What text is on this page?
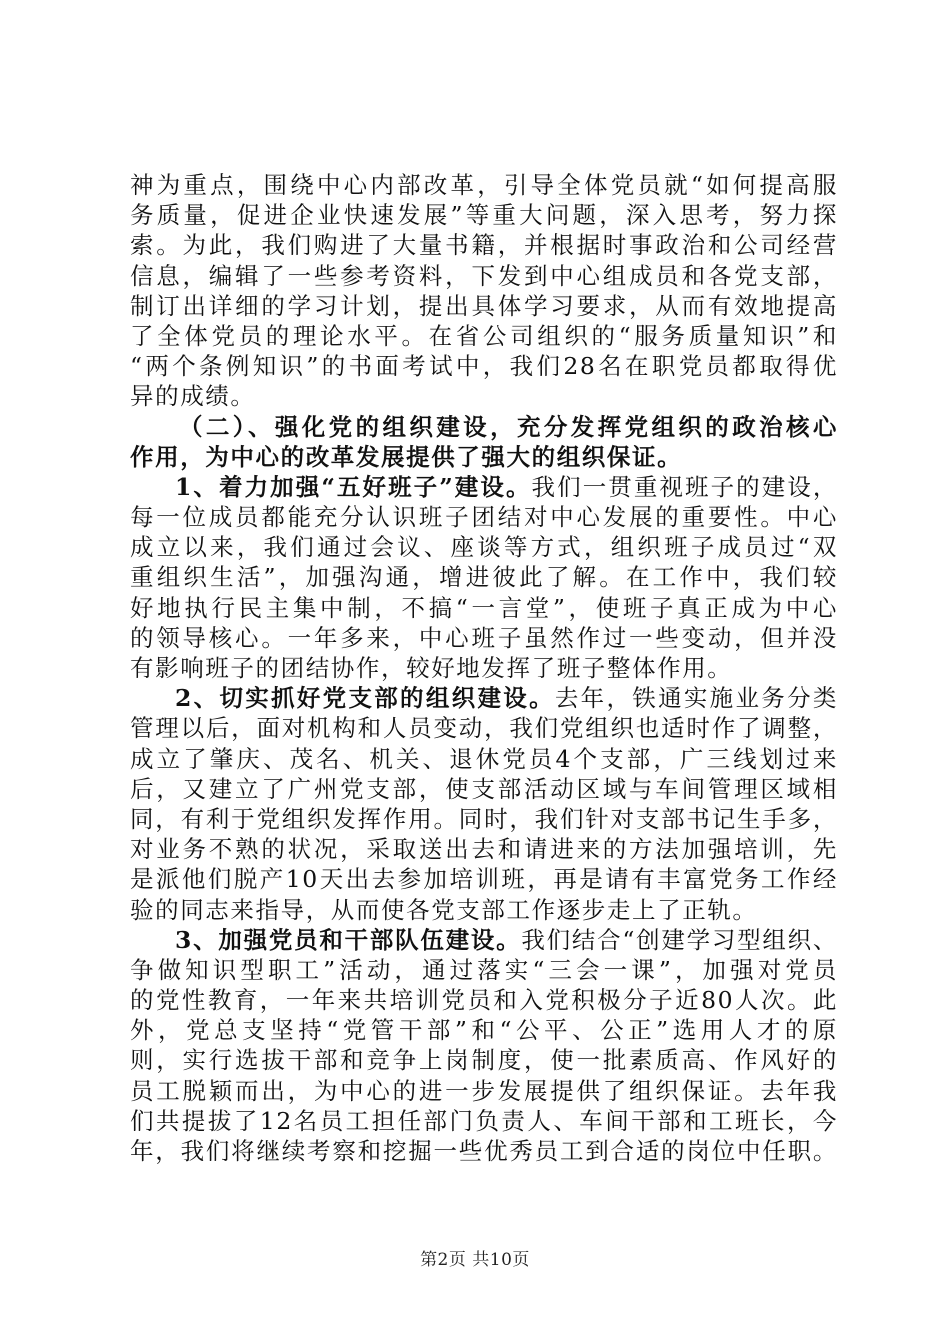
神为重点，围绕中心内部改革，引导全体党员就“如何提高服
务质量，促进企业快速发展”等重大问题，深入思考，努力探
索。为此，我们购进了大量书籍，并根据时事政治和公司经营
信息，编辑了一些参考资料，下发到中心组成员和各党支部，
制订出详细的学习计划，提出具体学习要求，从而有效地提高
了全体党员的理论水平。在省公司组织的“服务质量知识”和
“两个条例知识”的书面考试中，我们28名在职党员都取得优
异的成绩。
（二）、强化党的组织建设，充分发挥党组织的政治核心
作用，为中心的改革发展提供了强大的组织保证。
1、着力加强“五好班子”建设。我们一贯重视班子的建设，
每一位成员都能充分认识班子团结对中心发展的重要性。中心
成立以来，我们通过会议、座谈等方式，组织班子成员过“双
重组织生活”，加强沟通，增进彼此了解。在工作中，我们较
好地执行民主集中制，不搞“一言堂”，使班子真正成为中心
的领导核心。一年多来，中心班子虽然作过一些变动，但并没
有影响班子的团结协作，较好地发挥了班子整体作用。
2、切实抓好党支部的组织建设。去年，铁通实施业务分类
管理以后，面对机构和人员变动，我们党组织也适时作了调整，
成立了肇庆、茂名、机关、退休党员4个支部，广三线划过来
后，又建立了广州党支部，使支部活动区域与车间管理区域相
同，有利于党组织发挥作用。同时，我们针对支部书记生手多，
对业务不熟的状况，采取送出去和请进来的方法加强培训，先
是派他们脱产10天出去参加培训班，再是请有丰富党务工作经
验的同志来指导，从而使各党支部工作逐步走上了正轨。
3、加强党员和干部队伍建设。我们结合“创建学习型组织、
争做知识型职工”活动，通过落实“三会一课”，加强对党员
的党性教育，一年来共培训党员和入党积极分子近80人次。此
外，党总支坚持“党管干部”和“公平、公正”选用人才的原
则，实行选拔干部和竞争上岗制度，使一批素质高、作风好的
员工脱颖而出，为中心的进一步发展提供了组织保证。去年我
们共提拔了12名员工担任部门负责人、车间干部和工班长，今
年，我们将继续考察和挖掘一些优秀员工到合适的岗位中任职。
第2页 共10页
